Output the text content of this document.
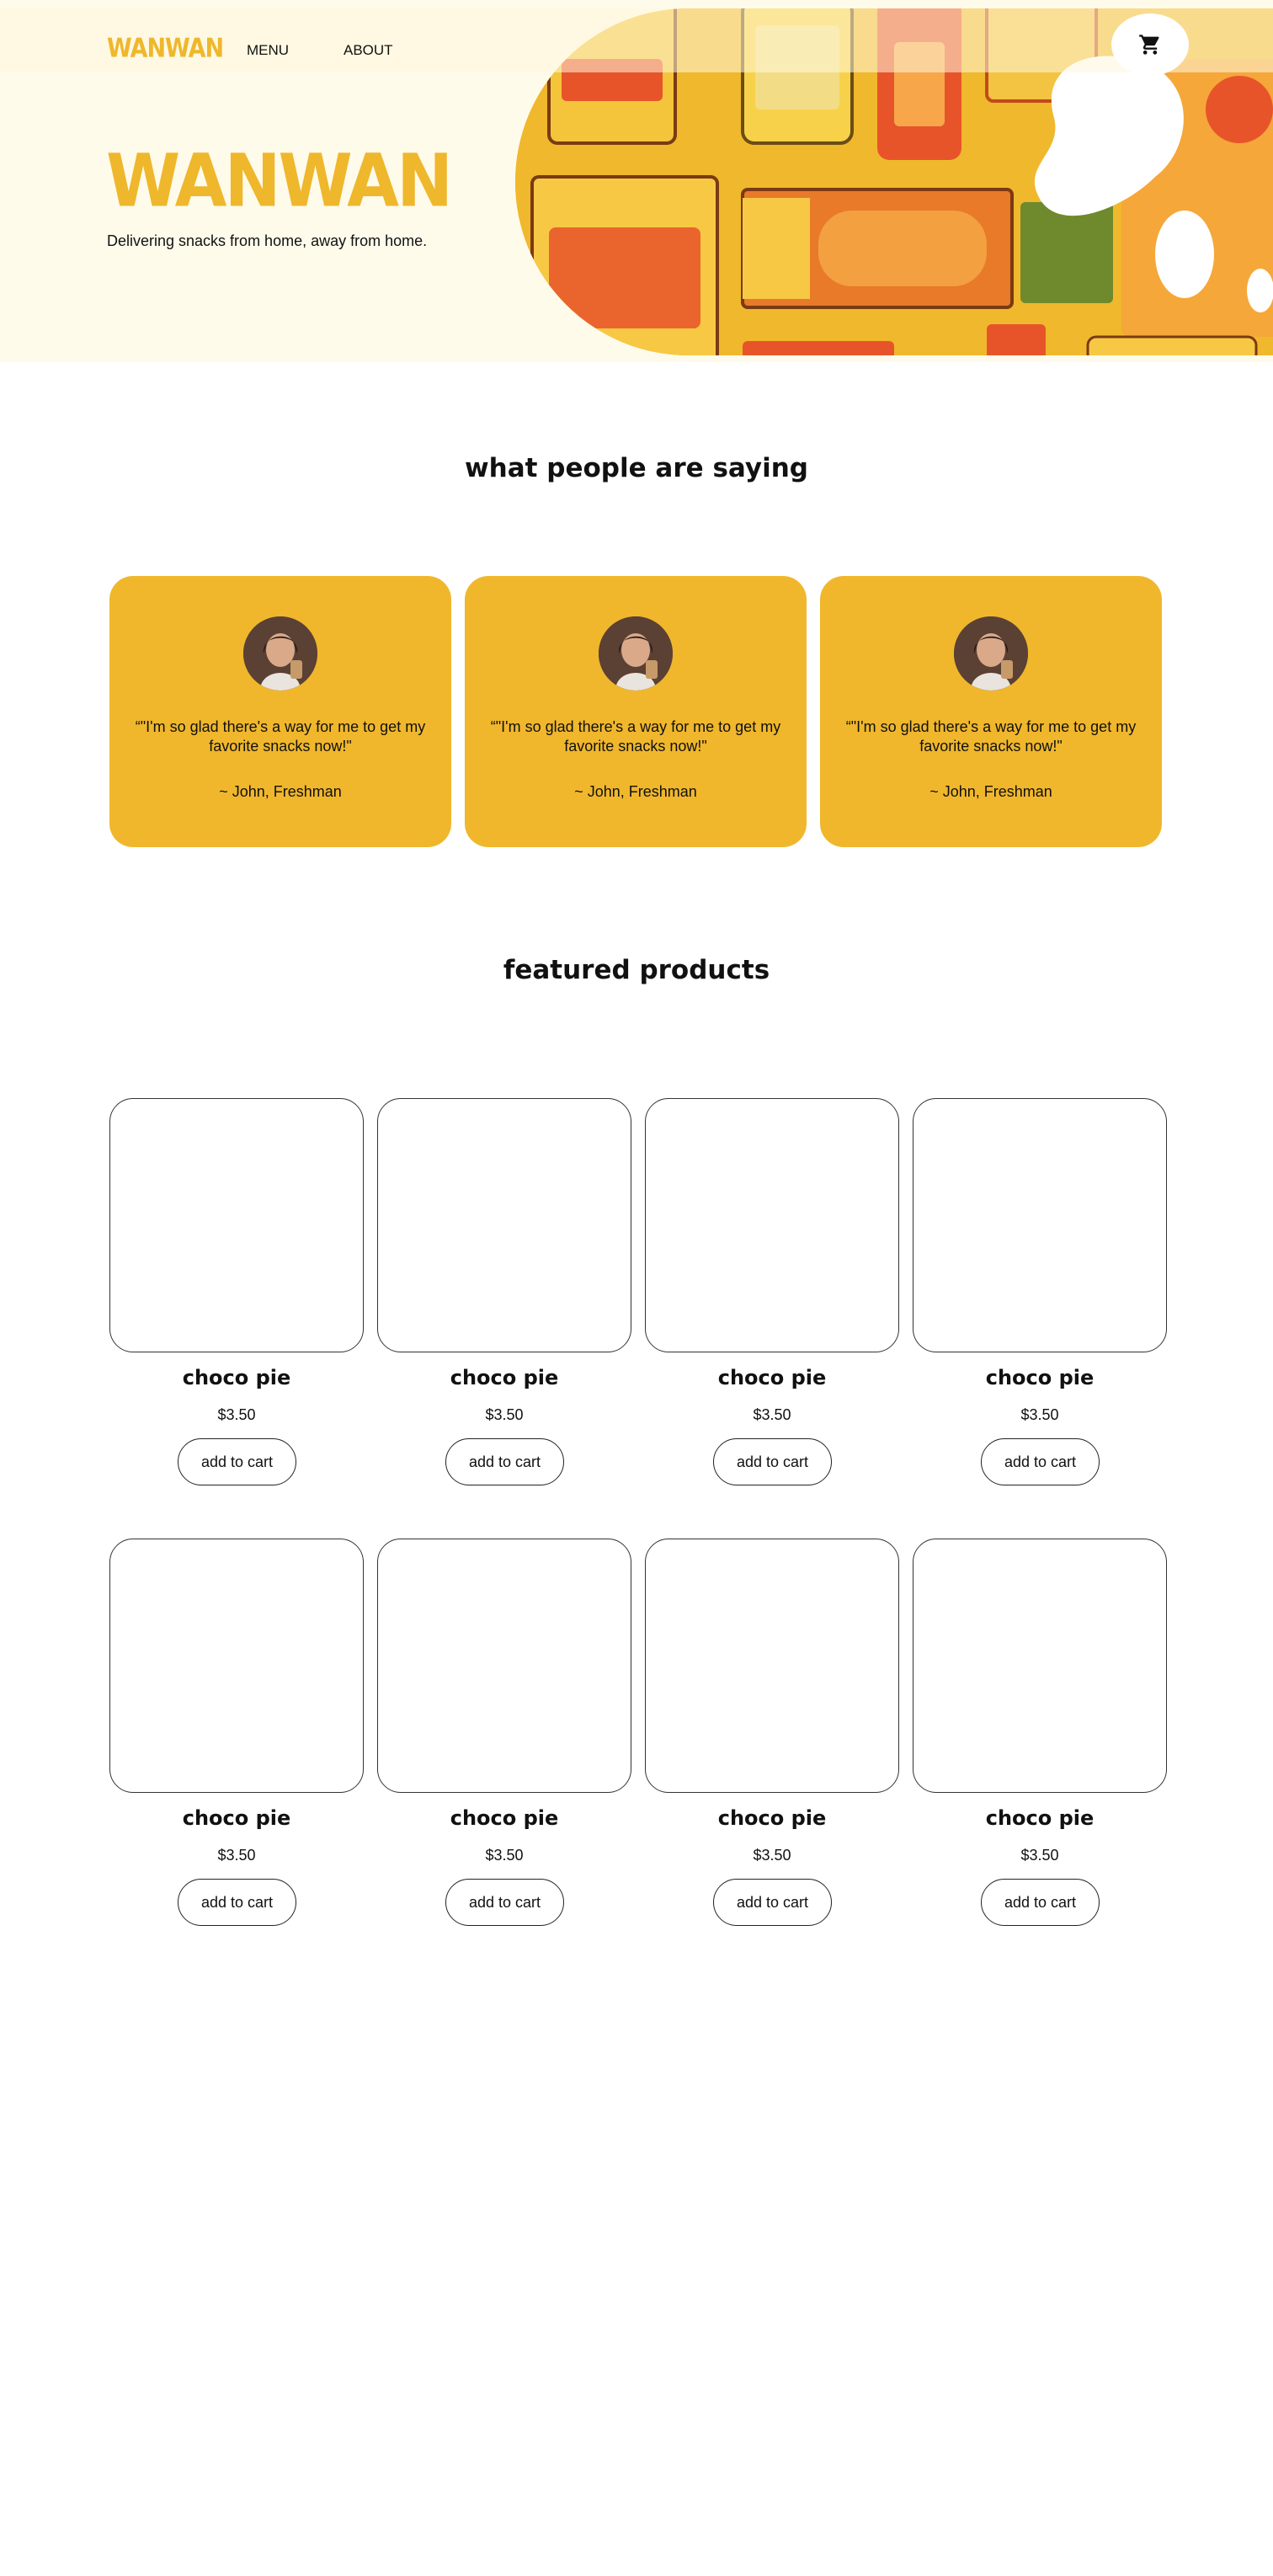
WANWAN MENU	ABOUT
WANWAN

Delivering snacks from home, away from home.

what people are saying

“"I'm so glad there's a way for me to get my favorite snacks now!"

~ John, Freshman

“"I'm so glad there's a way for me to get my favorite snacks now!"

~ John, Freshman

“"I'm so glad there's a way for me to get my favorite snacks now!"

~ John, Freshman

featured products
choco pie
$3.50
add to cart
choco pie
$3.50
add to cart
choco pie
$3.50
add to cart
choco pie
$3.50
add to cart
choco pie
$3.50
add to cart
choco pie
$3.50
add to cart
choco pie
$3.50
add to cart
choco pie
$3.50
add to cart
